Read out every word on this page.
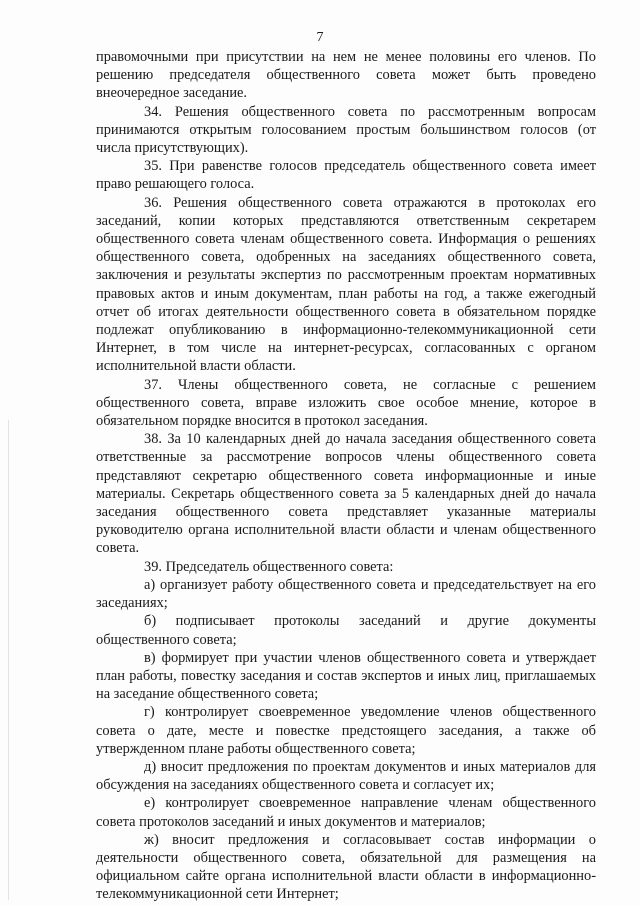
7

правомочными при присутствии на нем не менее половины его членов. По решению председателя общественного совета может быть проведено внеочередное заседание.

34. Решения общественного совета по рассмотренным вопросам принимаются открытым голосованием простым большинством голосов (от числа присутствующих).

35. При равенстве голосов председатель общественного совета имеет право решающего голоса.

36. Решения общественного совета отражаются в протоколах его заседаний, копии которых представляются ответственным секретарем общественного совета членам общественного совета. Информация о решениях общественного совета, одобренных на заседаниях общественного совета, заключения и результаты экспертиз по рассмотренным проектам нормативных правовых актов и иным документам, план работы на год, а также ежегодный отчет об итогах деятельности общественного совета в обязательном порядке подлежат опубликованию в информационно-телекоммуникационной сети Интернет, в том числе на интернет-ресурсах, согласованных с органом исполнительной власти области.

37. Члены общественного совета, не согласные с решением общественного совета, вправе изложить свое особое мнение, которое в обязательном порядке вносится в протокол заседания.

38. За 10 календарных дней до начала заседания общественного совета ответственные за рассмотрение вопросов члены общественного совета представляют секретарю общественного совета информационные и иные материалы. Секретарь общественного совета за 5 календарных дней до начала заседания общественного совета представляет указанные материалы руководителю органа исполнительной власти области и членам общественного совета.

39. Председатель общественного совета:

а) организует работу общественного совета и председательствует на его заседаниях;

б) подписывает протоколы заседаний и другие документы общественного совета;

в) формирует при участии членов общественного совета и утверждает план работы, повестку заседания и состав экспертов и иных лиц, приглашаемых на заседание общественного совета;

г) контролирует своевременное уведомление членов общественного совета о дате, месте и повестке предстоящего заседания, а также об утвержденном плане работы общественного совета;

д) вносит предложения по проектам документов и иных материалов для обсуждения на заседаниях общественного совета и согласует их;

е) контролирует своевременное направление членам общественного совета протоколов заседаний и иных документов и материалов;

ж) вносит предложения и согласовывает состав информации о деятельности общественного совета, обязательной для размещения на официальном сайте органа исполнительной власти области в информационно-телекоммуникационной сети Интернет;
